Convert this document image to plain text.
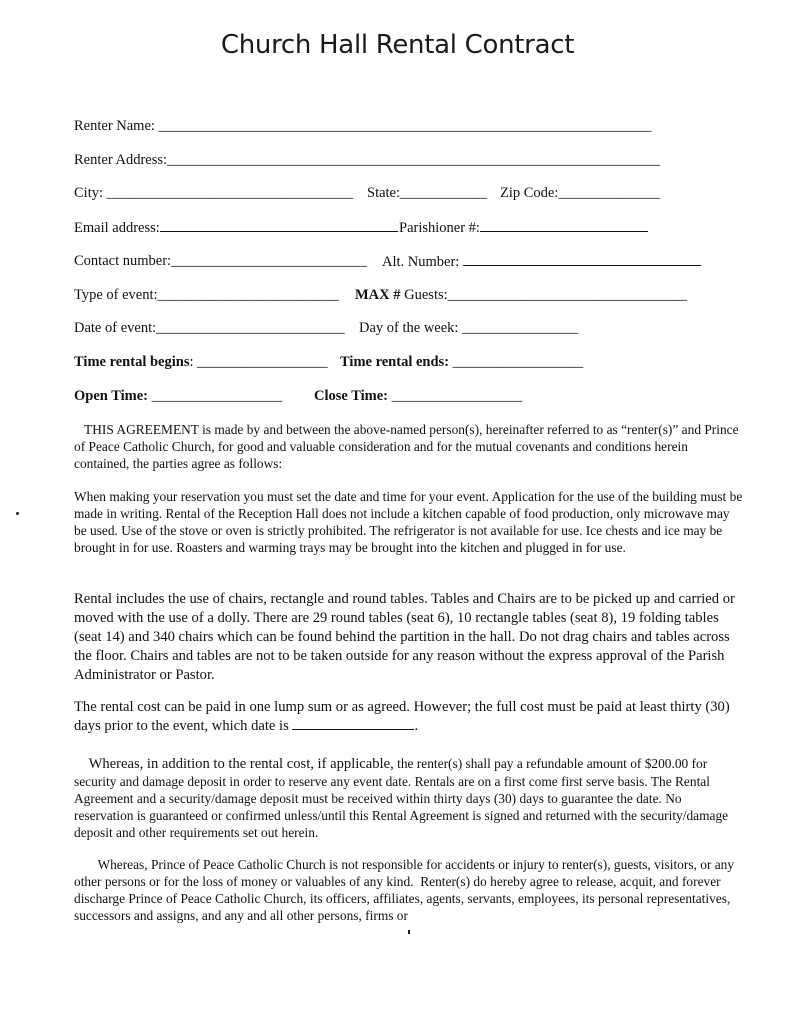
Church Hall Rental Contract
Renter Name: ____________________________________________________________________
Renter Address:____________________________________________________________________
City: __________________________________ State:____________ Zip Code:______________
Email address:	Parishioner #:
Contact number:___________________________ Alt. Number:
Type of event:_________________________ MAX # Guests:_________________________________
Date of event:__________________________ Day of the week: ________________
Time rental begins: __________________ Time rental ends: __________________
Open Time: __________________ Close Time: __________________

THIS AGREEMENT is made by and between the above-named person(s), hereinafter referred to as “renter(s)” and Prince of Peace Catholic Church, for good and valuable consideration and for the mutual covenants and conditions herein contained, the parties agree as follows:

When making your reservation you must set the date and time for your event. Application for the use of the building must be made in writing. Rental of the Reception Hall does not include a kitchen capable of food production, only microwave may be used. Use of the stove or oven is strictly prohibited. The refrigerator is not available for use. Ice chests and ice may be brought in for use. Roasters and warming trays may be brought into the kitchen and plugged in for use.

Rental includes the use of chairs, rectangle and round tables. Tables and Chairs are to be picked up and carried or moved with the use of a dolly. There are 29 round tables (seat 6), 10 rectangle tables (seat 8), 19 folding tables (seat 14) and 340 chairs which can be found behind the partition in the hall. Do not drag chairs and tables across the floor. Chairs and tables are not to be taken outside for any reason without the express approval of the Parish Administrator or Pastor.

The rental cost can be paid in one lump sum or as agreed. However; the full cost must be paid at least thirty (30) days prior to the event, which date is	.

Whereas, in addition to the rental cost, if applicable, the renter(s) shall pay a refundable amount of $200.00 for security and damage deposit in order to reserve any event date. Rentals are on a first come first serve basis. The Rental Agreement and a security/damage deposit must be received within thirty days (30) days to guarantee the date. No reservation is guaranteed or confirmed unless/until this Rental Agreement is signed and returned with the security/damage deposit and other requirements set out herein.

Whereas, Prince of Peace Catholic Church is not responsible for accidents or injury to renter(s), guests, visitors, or any other persons or for the loss of money or valuables of any kind.  Renter(s) do hereby agree to release, acquit, and forever discharge Prince of Peace Catholic Church, its officers, affiliates, agents, servants, employees, its personal representatives, successors and assigns, and any and all other persons, firms or
